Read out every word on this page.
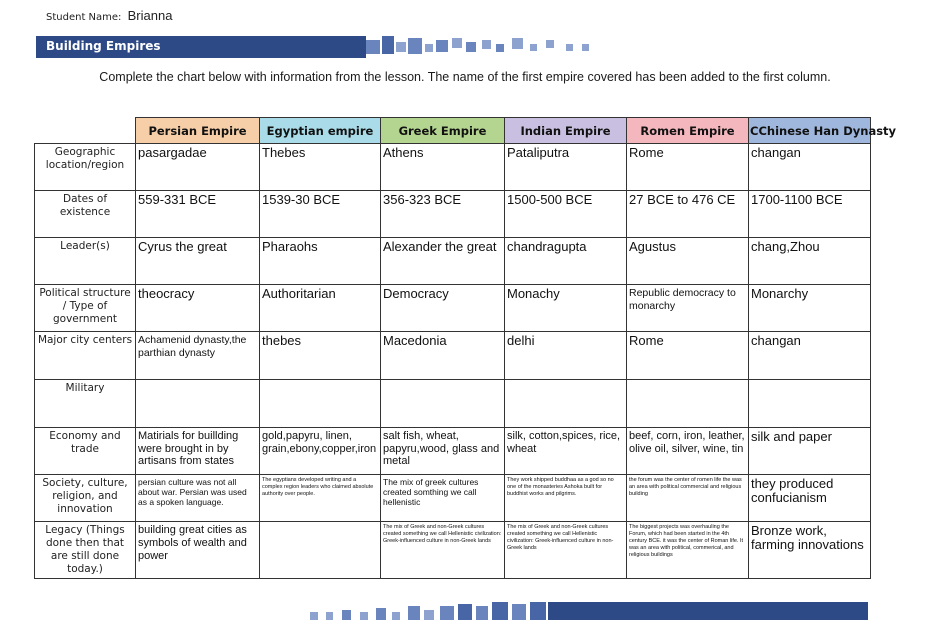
Student Name: Brianna
Building Empires
Complete the chart below with information from the lesson. The name of the first empire covered has been added to the first column.
	Persian Empire	Egyptian empire	Greek Empire	Indian Empire	Romen Empire	CChinese Han Dynasty
Geographic location/region	pasargadae	Thebes	Athens	Pataliputra	Rome	changan
Dates of existence	559-331 BCE	1539-30 BCE	356-323 BCE	1500-500 BCE	27 BCE to 476 CE	1700-1100 BCE
Leader(s)	Cyrus the great	Pharaohs	Alexander the great	chandragupta	Agustus	chang,Zhou
Political structure / Type of government	theocracy	Authoritarian	Democracy	Monachy	Republic democracy to monarchy	Monarchy
Major city centers	Achamenid dynasty,the parthian dynasty	thebes	Macedonia	delhi	Rome	changan
Military						
Economy and trade	Matirials for buillding were brought in by artisans from states	gold,papyru, linen, grain,ebony,copper,iron	salt fish, wheat, papyru,wood, glass and metal	silk, cotton,spices, rice, wheat	beef, corn, iron, leather, olive oil, silver, wine, tin	silk and paper
Society, culture, religion, and innovation	persian culture was not all about war. Persian was used as a spoken language.	The egyptians developed writing and a complex region leaders who claimed absolute authority over people.	The mix of greek cultures created somthing we call hellenistic	They work shipped buddhaa as a god so no one of the monasteries Ashoka built for buddhist works and pilgrims.	the forum was the center of romen life the was an area with political commercial and religious building	they produced confucianism
Legacy (Things done then that are still done today.)	building great cities as symbols of wealth and power		The mix of Greek and non-Greek cultures created something we call Hellenistic civilization: Greek-influenced culture in non-Greek lands	The mix of Greek and non-Greek cultures created something we call Hellenistic civilization: Greek-influenced culture in non-Greek lands	The biggest projects was overhauling the Forum, which had been started in the 4th century BCE. it was the center of Roman life. It was an area with political, commerical, and religious buildings	Bronze work, farming innovations
